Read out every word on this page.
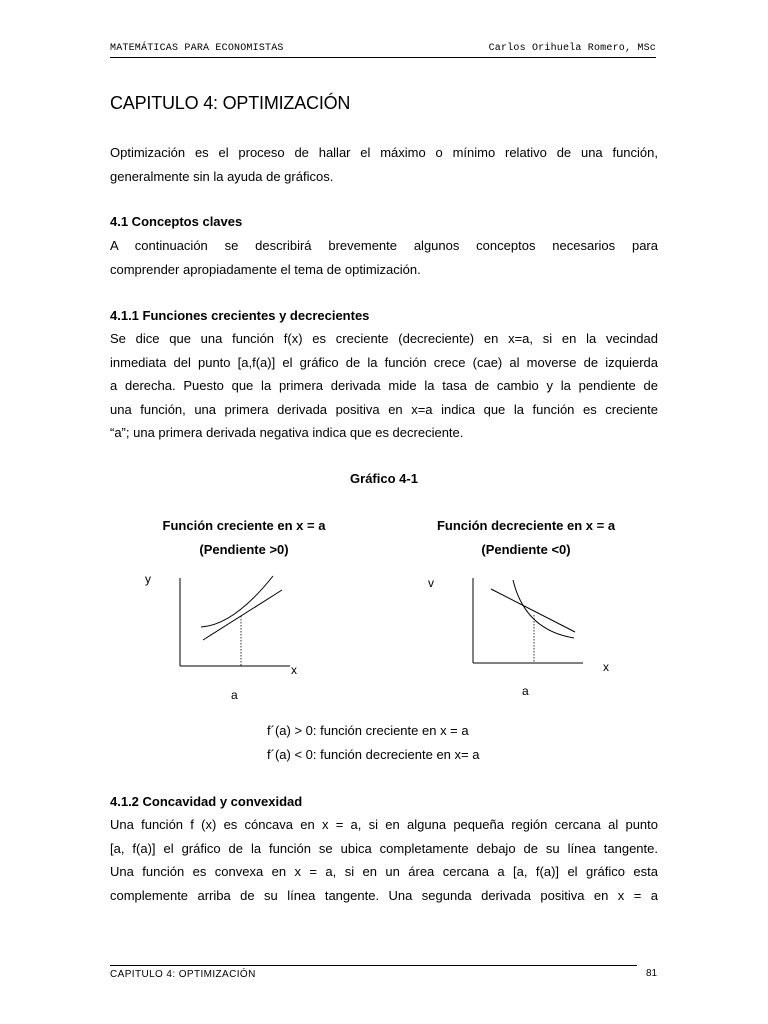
MATEMÁTICAS PARA ECONOMISTAS	Carlos Orihuela Romero, MSc
CAPITULO 4: OPTIMIZACIÓN

Optimización es el proceso de hallar el máximo o mínimo relativo de una función,
generalmente sin la ayuda de gráficos.

4.1 Conceptos claves

A continuación se describirá brevemente algunos conceptos necesarios para
comprender apropiadamente el tema de optimización.

4.1.1 Funciones crecientes y decrecientes

Se dice que una función f(x) es creciente (decreciente) en x=a, si en la vecindad
inmediata del punto [a,f(a)] el gráfico de la función crece (cae) al moverse de izquierda
a derecha. Puesto que la primera derivada mide la tasa de cambio y la pendiente de
una función, una primera derivada positiva en x=a indica que la función es creciente
“a”; una primera derivada negativa indica que es decreciente.

Gráfico 4-1
Función creciente en x = a
(Pendiente >0)
Función decreciente en x = a
(Pendiente <0)
y
x
a
v
x
a
f´(a) > 0: función creciente en x = a
f´(a) < 0: función decreciente en x= a
4.1.2 Concavidad y convexidad

Una función f (x) es cóncava en x = a, si en alguna pequeña región cercana al punto
[a, f(a)] el gráfico de la función se ubica completamente debajo de su línea tangente.
Una función es convexa en x = a, si en un área cercana a [a, f(a)] el gráfico esta
complemente arriba de su línea tangente. Una segunda derivada positiva en x = a

CAPITULO 4: OPTIMIZACIÓN	81
